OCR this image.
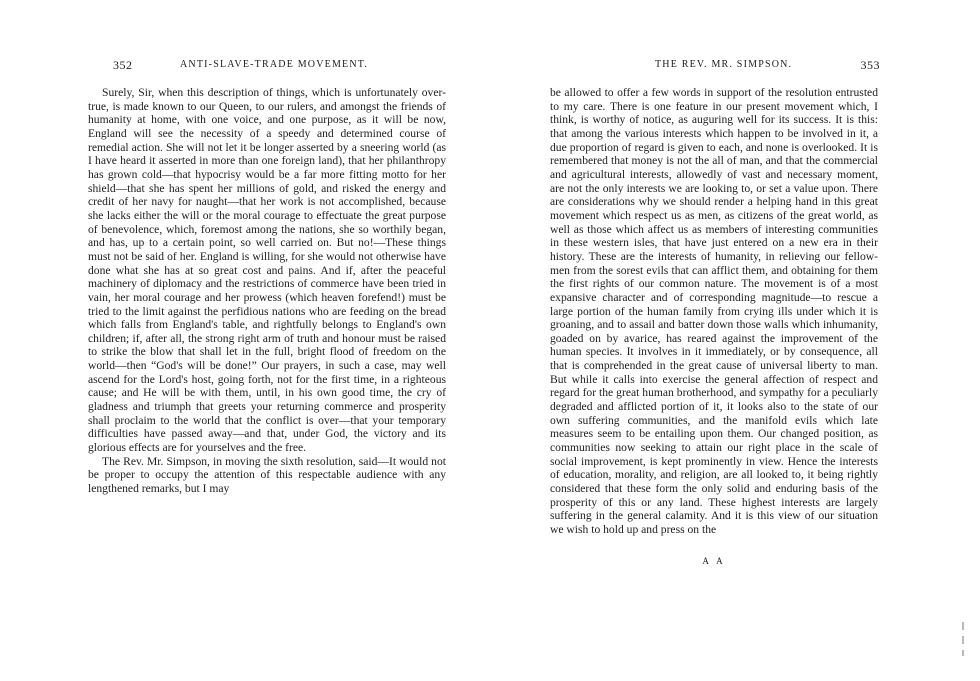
352	ANTI-SLAVE-TRADE MOVEMENT.

Surely, Sir, when this description of things, which is unfortunately over-true, is made known to our Queen, to our rulers, and amongst the friends of humanity at home, with one voice, and one purpose, as it will be now, England will see the necessity of a speedy and determined course of remedial action. She will not let it be longer asserted by a sneering world (as I have heard it asserted in more than one foreign land), that her philanthropy has grown cold—that hypocrisy would be a far more fitting motto for her shield—that she has spent her millions of gold, and risked the energy and credit of her navy for naught—that her work is not accomplished, because she lacks either the will or the moral courage to effectuate the great purpose of benevolence, which, foremost among the nations, she so worthily began, and has, up to a certain point, so well carried on. But no!—These things must not be said of her. England is willing, for she would not otherwise have done what she has at so great cost and pains. And if, after the peaceful machinery of diplomacy and the restrictions of commerce have been tried in vain, her moral courage and her prowess (which heaven forefend!) must be tried to the limit against the perfidious nations who are feeding on the bread which falls from England's table, and rightfully belongs to England's own children; if, after all, the strong right arm of truth and honour must be raised to strike the blow that shall let in the full, bright flood of freedom on the world—then “God's will be done!” Our prayers, in such a case, may well ascend for the Lord's host, going forth, not for the first time, in a righteous cause; and He will be with them, until, in his own good time, the cry of gladness and triumph that greets your returning commerce and prosperity shall proclaim to the world that the conflict is over—that your temporary difficulties have passed away—and that, under God, the victory and its glorious effects are for yourselves and the free.

The Rev. Mr. Simpson, in moving the sixth resolution, said—It would not be proper to occupy the attention of this respectable audience with any lengthened remarks, but I may

THE REV. MR. SIMPSON.	353

be allowed to offer a few words in support of the resolution entrusted to my care. There is one feature in our present movement which, I think, is worthy of notice, as auguring well for its success. It is this: that among the various interests which happen to be involved in it, a due proportion of regard is given to each, and none is overlooked. It is remembered that money is not the all of man, and that the commercial and agricultural interests, allowedly of vast and necessary moment, are not the only interests we are looking to, or set a value upon. There are considerations why we should render a helping hand in this great movement which respect us as men, as citizens of the great world, as well as those which affect us as members of interesting communities in these western isles, that have just entered on a new era in their history. These are the interests of humanity, in relieving our fellow-men from the sorest evils that can afflict them, and obtaining for them the first rights of our common nature. The movement is of a most expansive character and of corresponding magnitude—to rescue a large portion of the human family from crying ills under which it is groaning, and to assail and batter down those walls which inhumanity, goaded on by avarice, has reared against the improvement of the human species. It involves in it immediately, or by consequence, all that is comprehended in the great cause of universal liberty to man. But while it calls into exercise the general affection of respect and regard for the great human brotherhood, and sympathy for a peculiarly degraded and afflicted portion of it, it looks also to the state of our own suffering communities, and the manifold evils which late measures seem to be entailing upon them. Our changed position, as communities now seeking to attain our right place in the scale of social improvement, is kept prominently in view. Hence the interests of education, morality, and religion, are all looked to, it being rightly considered that these form the only solid and enduring basis of the prosperity of this or any land. These highest interests are largely suffering in the general calamity. And it is this view of our situation we wish to hold up and press on the

A A
